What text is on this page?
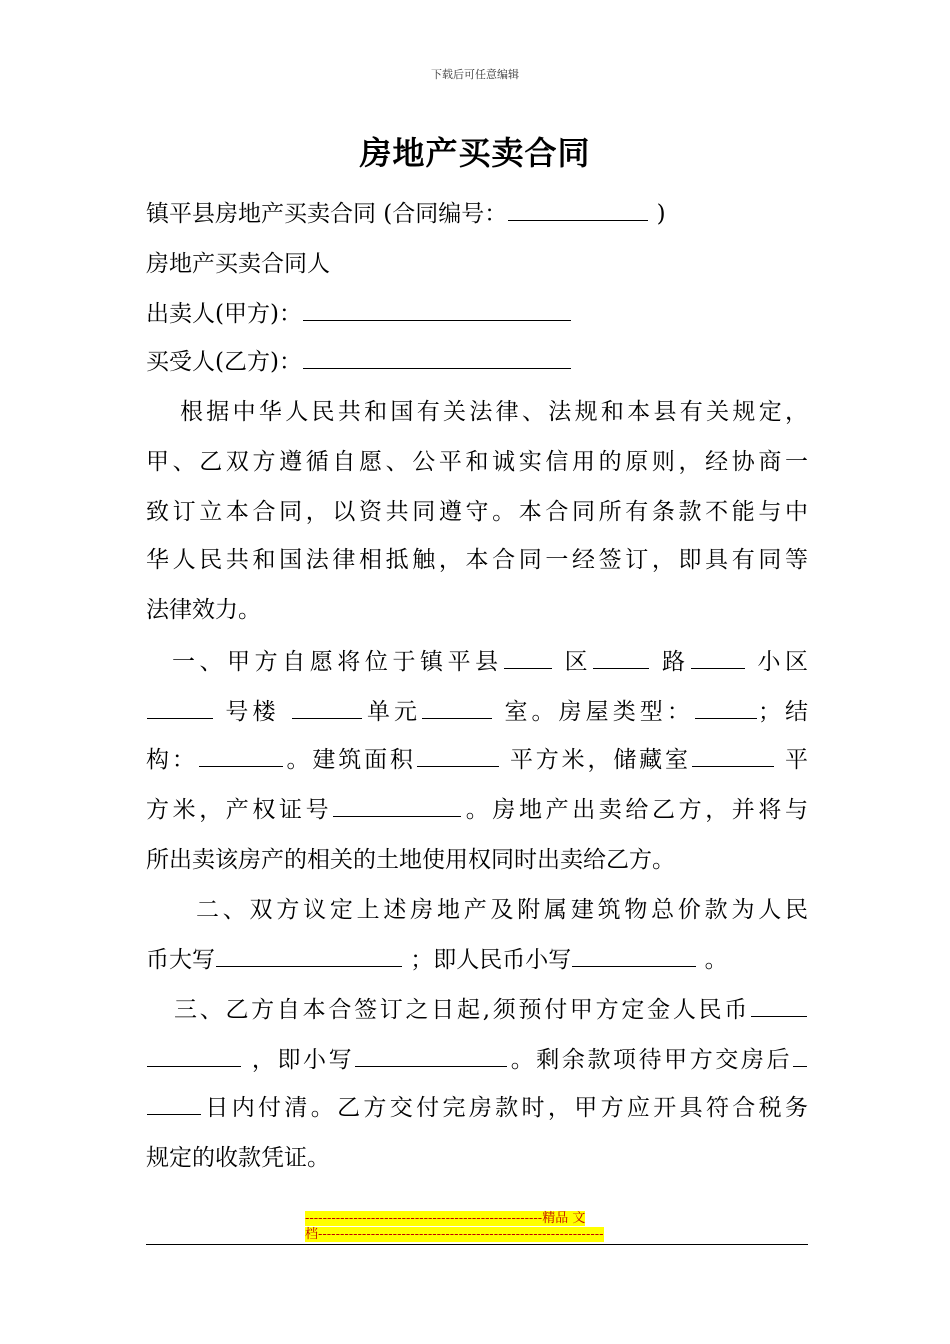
下载后可任意编辑
房地产买卖合同
镇平县房地产买卖合同 (合同编号：	)
房地产买卖合同人
出卖人(甲方)：
买受人(乙方)：
根据中华人民共和国有关法律、法规和本县有关规定，
甲、乙双方遵循自愿、公平和诚实信用的原则，经协商一
致订立本合同，以资共同遵守。本合同所有条款不能与中
华人民共和国法律相抵触，本合同一经签订，即具有同等
法律效力。
一、甲方自愿将位于镇平县 区	路 小区
号楼	单元	室。房屋类型：	；结
构：	。建筑面积	平方米，储藏室	平
方米，产权证号	。房地产出卖给乙方，并将与
所出卖该房产的相关的土地使用权同时出卖给乙方。
二、双方议定上述房地产及附属建筑物总价款为人民
币大写	；即人民币小写	。
三、乙方自本合签订之日起,须预付甲方定金人民币
，即小写	。剩余款项待甲方交房后
日内付清。乙方交付完房款时，甲方应开具符合税务
规定的收款凭证。
------------------------------------------------------精品 文
档-----------------------------------------------------------------
